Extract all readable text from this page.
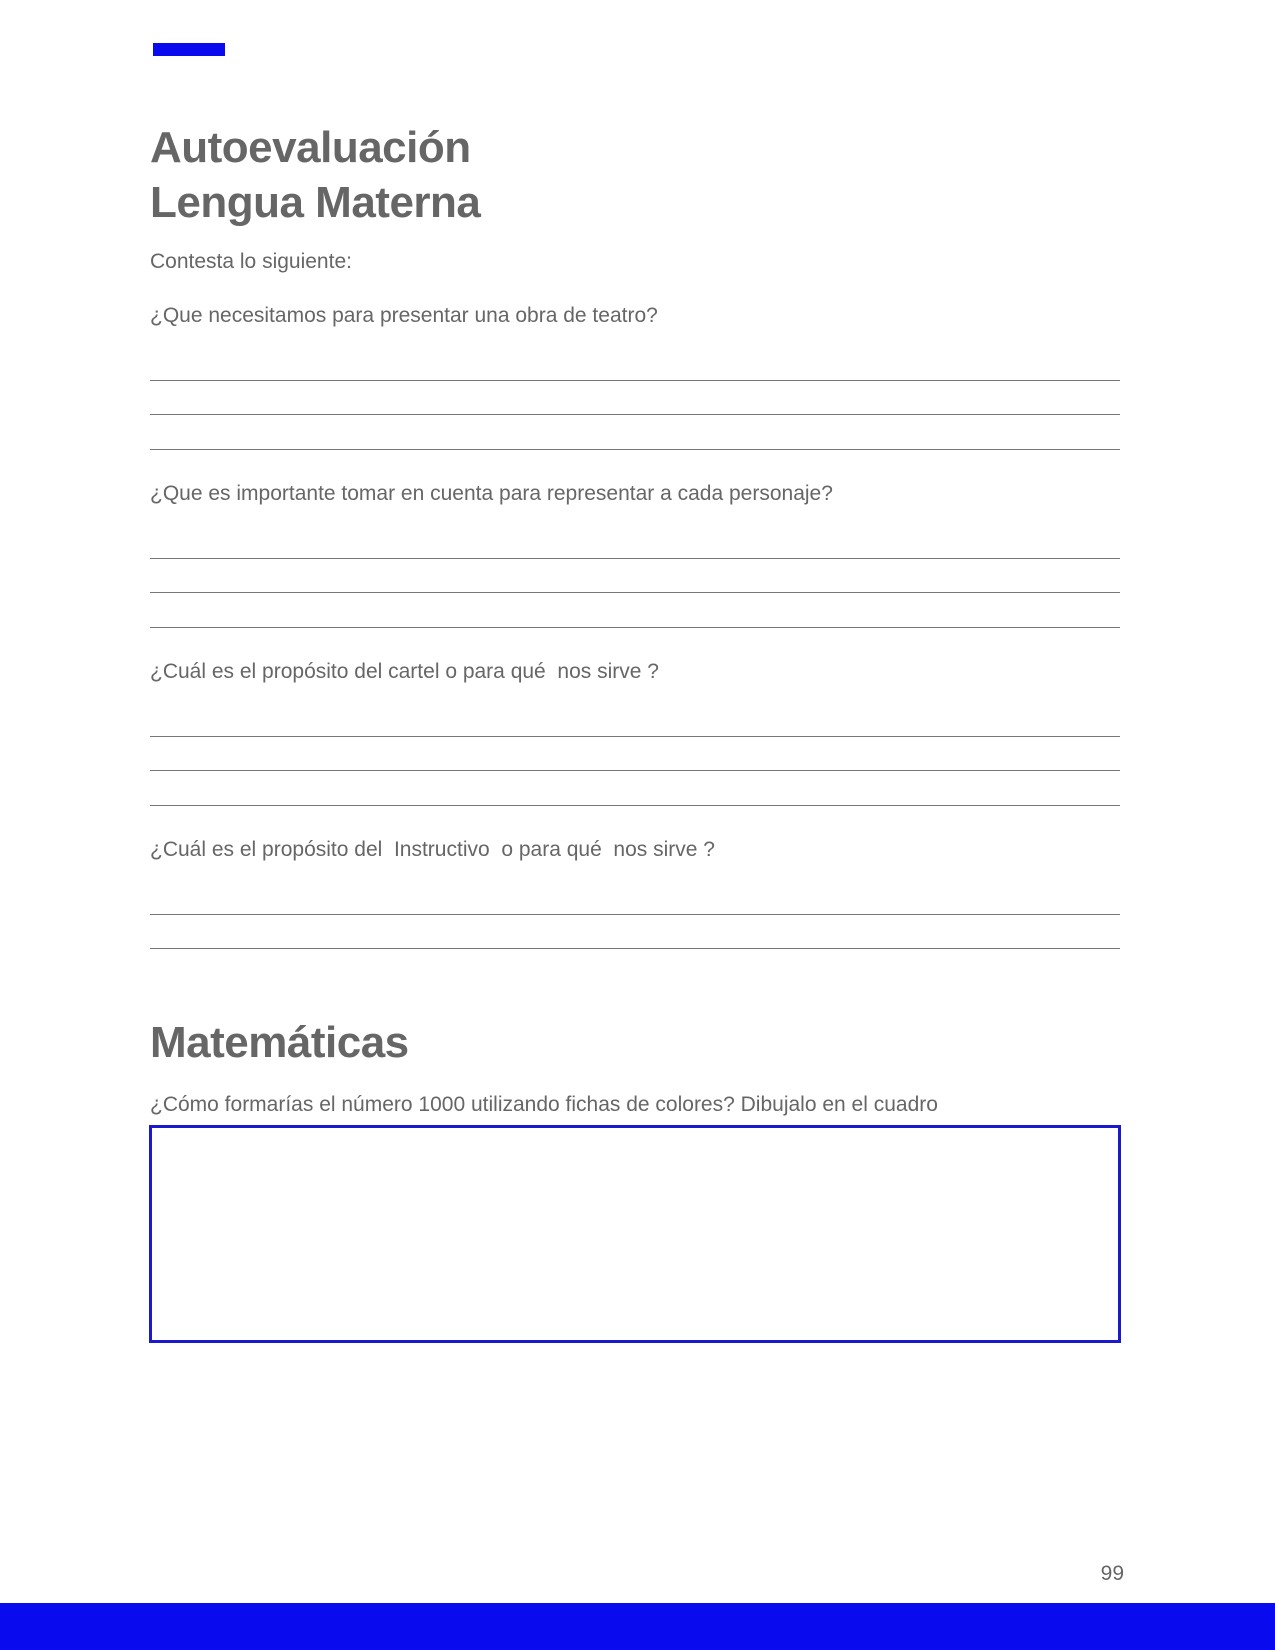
Autoevaluación
Lengua Materna
Contesta lo siguiente:
¿Que necesitamos para presentar una obra de teatro?
¿Que es importante tomar en cuenta para representar a cada personaje?
¿Cuál es el propósito del cartel o para qué  nos sirve ?
¿Cuál es el propósito del  Instructivo  o para qué  nos sirve ?
Matemáticas
¿Cómo formarías el número 1000 utilizando fichas de colores? Dibujalo en el cuadro
99
